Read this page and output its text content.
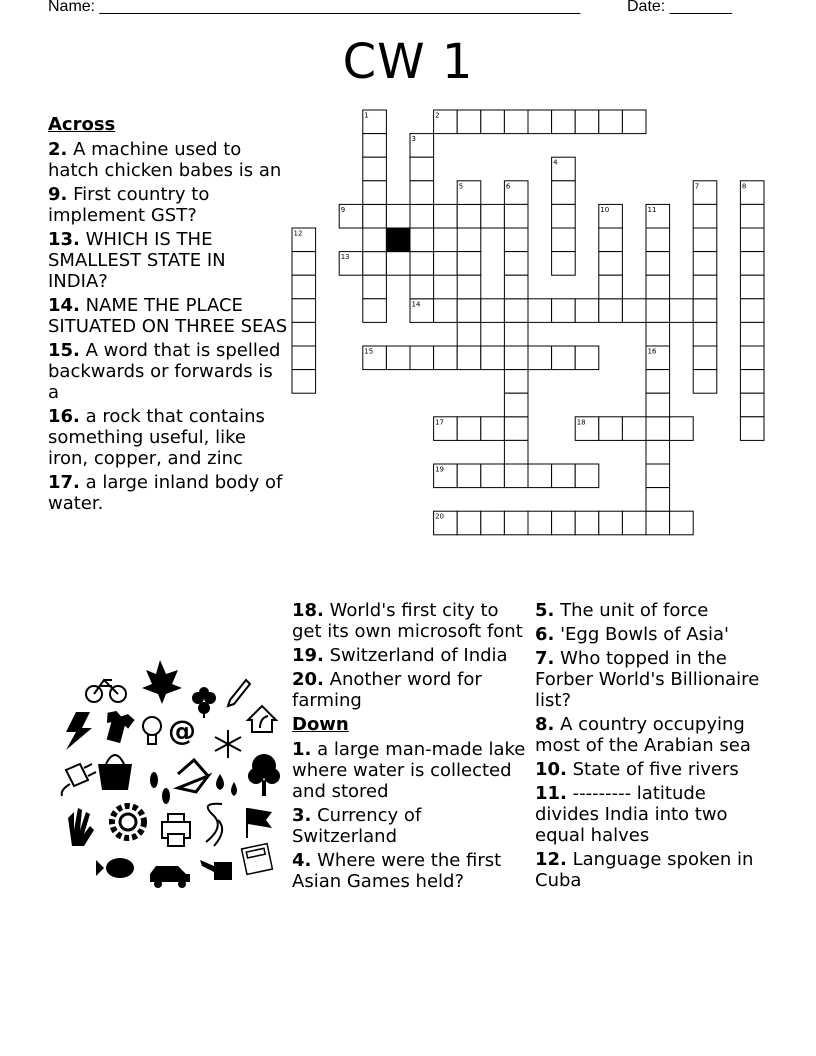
Name: ______________________________________________________	Date: _______
CW 1
1	2
3
4
5	6	7	8
9	10	11
12
13
14
15	16
17	18
19
20
Across
2. A machine used to hatch chicken babes is an
9. First country to implement GST?
13. WHICH IS THE SMALLEST STATE IN INDIA?
14. NAME THE PLACE SITUATED ON THREE SEAS
15. A word that is spelled backwards or forwards is a
16. a rock that contains something useful, like iron, copper, and zinc
17. a large inland body of water.
18. World's first city to get its own microsoft font
19. Switzerland of India
20. Another word for farming
Down
1. a large man-made lake where water is collected and stored
3. Currency of Switzerland
4. Where were the first Asian Games held?
5. The unit of force
6. 'Egg Bowls of Asia'
7. Who topped in the Forber World's Billionaire list?
8. A country occupying most of the Arabian sea
10. State of five rivers
11. --------- latitude divides India into two equal halves
12. Language spoken in Cuba
@
